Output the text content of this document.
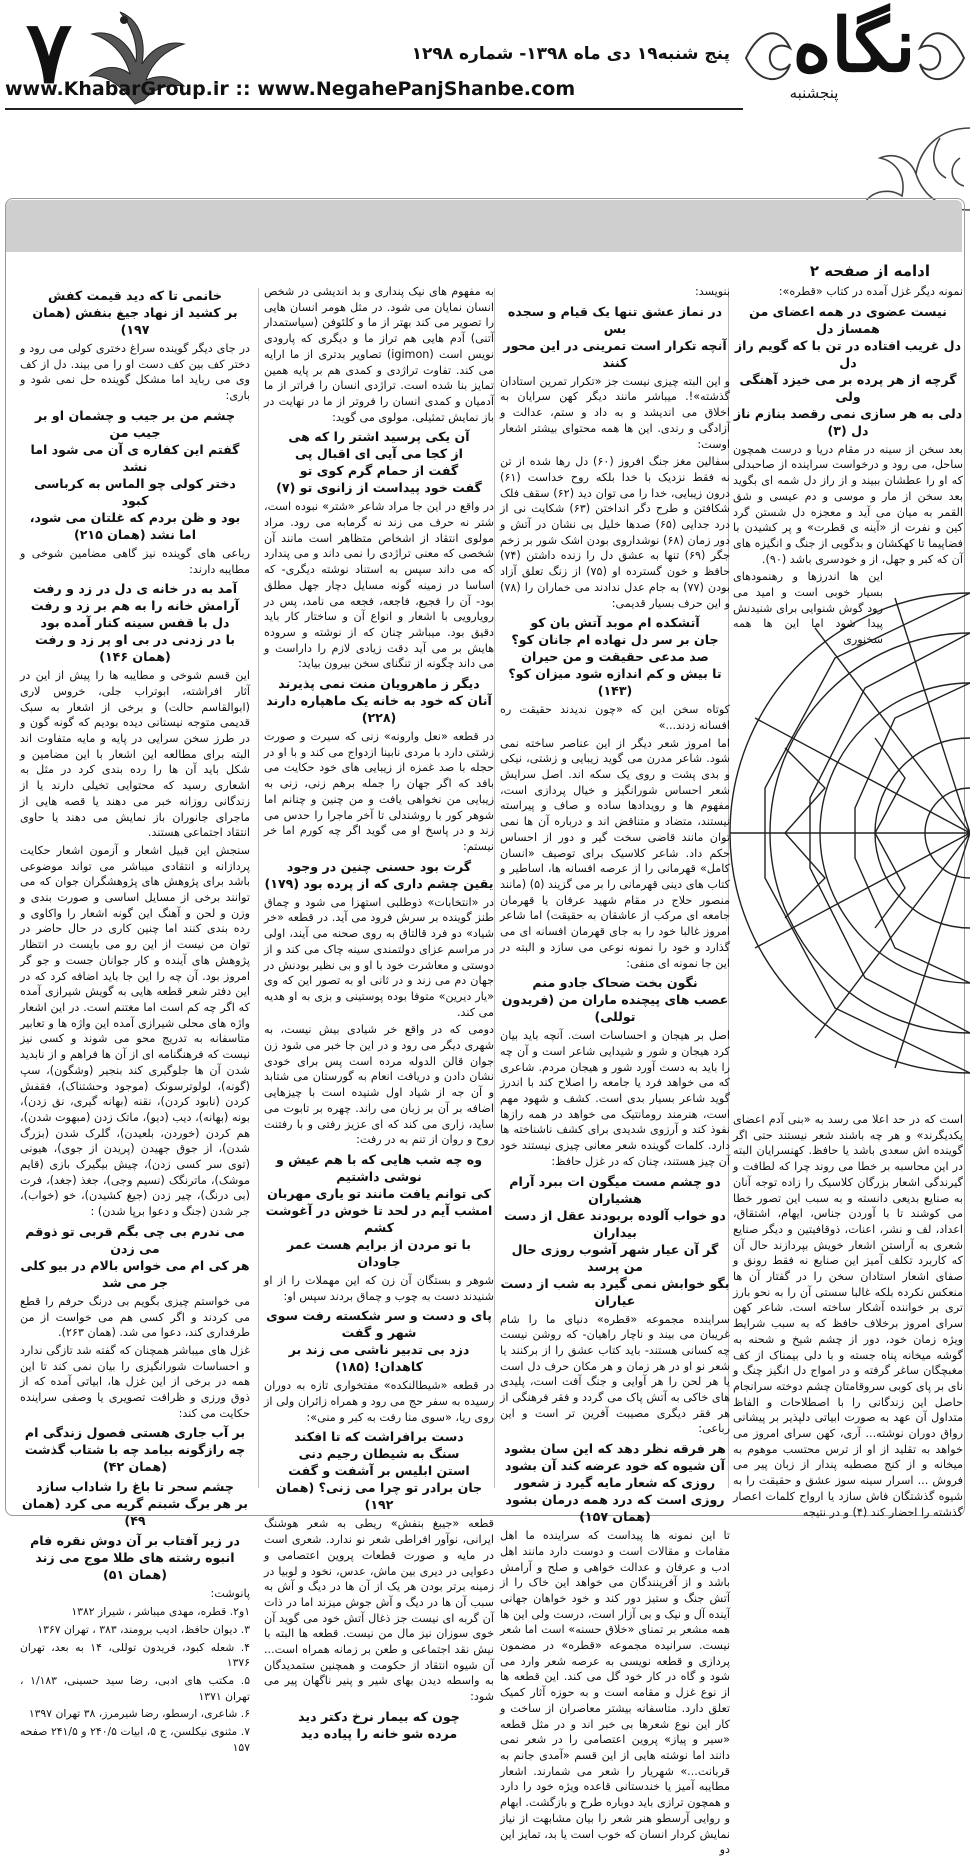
۷	پنج شنبه۱۹ دی ماه ۱۳۹۸- شماره ۱۲۹۸
www.KhabarGroup.ir :: www.NegahePanjShanbe.com	نگاه
پنجشنبه
ادامه از صفحه ۲

نمونه دیگر غزل آمده در کتاب «قطره»:

نیست عضوی در همه اعضای من همساز دل
دل غریب افتاده در تن با که گویم راز دل
گرچه از هر پرده بر می خیزد آهنگی ولی
دلی به هر سازی نمی رقصد بنازم ناز دل (۳)

بعد سخن از سینه در مقام دریا و درست همچون ساحل، می رود و درخواست سراینده از صاحبدلی که او را عطشان ببیند و از راز دل شمه ای بگوید بعد سخن از مار و موسی و دم عیسی و شق القمر به میان می آید و معجزه دل شستن گرد کین و نفرت از «آینه ی قطرت» و پر کشیدن با فضاپیما تا کهکشان و بدگویی از جنگ و انگیزه های آن که کبر و جهل، از و خودسری باشد (۹۰).

این ها اندرزها و رهنمودهای بسیار خوبی است و امید می رود گوش شنوایی برای شنیدنش پیدا شود اما این ها همه سخنوری

است که در حد اعلا می رسد به «بنی آدم اعضای یکدیگرند» و هر چه باشند شعر نیستند حتی اگر گوینده اش سعدی باشد یا حافظ. کهنسرایان البته در این محاسبه بر خطا می روند چرا که لطافت و گیرندگی اشعار بزرگان کلاسیک را زاده توجه آنان به صنایع بدیعی دانسته و به سبب این تصور خطا می کوشند تا با آوردن جناس، ایهام، اشتقاق، اعداد، لف و نشر، اعنات، ذوقافیتین و دیگر صنایع شعری به آراستن اشعار خویش بپردازند حال آن که کاربرد تکلف آمیز این صنایع نه فقط رونق و صفای اشعار استادان سخن را در گفتار آن ها منعکس نکرده بلکه غالبا سستی آن را به نحو بارز تری بر خواننده آشکار ساخته است. شاعر کهن سرای امروز برخلاف حافظ که به سبب شرایط ویژه زمان خود، دور از چشم شیخ و شحنه به گوشه میخانه پناه جسته و با دلی بیمناک از کف مغبچگان ساغر گرفته و در امواج دل انگیز چنگ و نای بر پای کوبی سروقامتان چشم دوخته سرانجام حاصل این زندگانی را با اصطلاحات و الفاظ متداول آن عهد به صورت ابیاتی دلپذیر بر پیشانی رواق دوران نوشته... آری، کهن سرای امروز می خواهد به تقلید از او از ترس محتسب موهوم به میخانه و از کنج مصطبه پندار از زبان پیر می فروش ... اسرار سینه سوز عشق و حقیقت را به شیوه گذشتگان فاش سازد یا ارواح کلمات اعصار گذشته را احضار کند (۴) و در نتیجه

بنویسد:

در نماز عشق تنها یک قیام و سجده بس
آنچه تکرار است تمرینی در این محور کنند

و این البته چیزی نیست جز «تکرار تمرین استادان گذشته»!. میباشر مانند دیگر کهن سرایان به اخلاق می اندیشد و به داد و ستم، عدالت و آزادگی و رندی. این ها همه محتوای بیشتر اشعار اوست:

سفالین مغز جنگ افروز (۶۰) دل رها شده از تن نه فقط نزدیک با خدا بلکه روح خداست (۶۱) درون زیبایی، خدا را می توان دید (۶۲) سقف فلک شکافتن و طرح دگر انداختن (۶۳) شکایت نی از درد جدایی (۶۵) صدها خلیل بی نشان در آتش و دور زمان (۶۸) نوشداروی بودن اشک شور بر زخم جگر (۶۹) تنها به عشق دل را زنده داشتن (۷۴) حافظ و خون گسترده او (۷۵) از زنگ تعلق آزاد بودن (۷۷) به جام عدل ندادند می خماران را (۷۸) و این حرف بسیار قدیمی:

آتشکده ام موبد آتش بان کو
جان بر سر دل نهاده ام جانان کو؟
صد مدعی حقیقت و من حیران
تا بیش و کم اندازه شود میزان کو؟ (۱۴۳)

کوتاه سخن این که «چون ندیدند حقیقت ره افسانه زدند...»

اما امروز شعر دیگر از این عناصر ساخته نمی شود. شاعر مدرن می گوید زیبایی و زشتی، نیکی و بدی پشت و روی یک سکه اند. اصل سرایش شعر احساس شورانگیز و خیال پردازی است، مفهوم ها و رویدادها ساده و صاف و پیراسته نیستند، متضاد و متناقض اند و درباره آن ها نمی توان مانند قاضی سخت گیر و دور از احساس حکم داد. شاعر کلاسیک برای توصیف «انسان کامل» قهرمانی را از عرصه افسانه ها، اساطیر و کتاب های دینی قهرمانی را بر می گزیند (۵) (مانند منصور حلاج در مقام شهید عرفان یا قهرمان جامعه ای مرکب از عاشقان به حقیقت) اما شاعر امروز غالبا خود را به جای قهرمان افسانه ای می گذارد و خود را نمونه نوعی می سازد و البته در این جا نمونه ای منفی:

نگون بخت ضحاک جادو منم
عصب های پیچنده ماران من (فریدون توللی)

اصل بر هیجان و احساسات است. آنچه باید بیان کرد هیجان و شور و شیدایی شاعر است و آن چه را باید به دست آورد شور و هیجان مردم. شاعری که می خواهد فرد یا جامعه را اصلاح کند با اندرز گوید شاعر بسیار بدی است. کشف و شهود مهم است، هنرمند رومانتیک می خواهد در همه رازها نفوذ کند و آرزوی شدیدی برای کشف ناشناخته ها دارد. کلمات گوینده شعر معانی چیزی نیستند خود آن چیز هستند، چنان که در غزل حافظ:

دو چشم مست میگون ات ببرد آرام هشیاران
دو خواب آلوده بربودند عقل از دست بیداران
گر آن عیار شهر آشوب روزی حال من پرسد
بگو خوابش نمی گیرد به شب از دست عیاران

سراینده مجموعه «قطره» دنیای ما را شام غریبان می بیند و ناچار راهیان- که روشن نیست چه کسانی هستند- باید کتاب عشق را از برکنند یا شعر نو او در هر زمان و هر مکان حرف دل است یا هر لحن را هر آوایی و جنگ آفت است، پلیدی های خاکی به آتش پاک می گردد و فقر فرهنگی از هر فقر دیگری مصیبت آفرین تر است و این رباعی:

هر فرقه نظر دهد که این سان بشود
آن شیوه که خود عرضه کند آن بشود
روزی که شعار مایه گیرد ز شعور
روزی است که درد همه درمان بشود (همان ۱۵۷)

تا این نمونه ها پیداست که سراینده ما اهل مقامات و مقالات است و دوست دارد مانند اهل ادب و عرفان و عدالت خواهی و صلح و آرامش باشد و از آفرینندگان می خواهد این خاک را از آتش جنگ و ستیز دور کند و خود خواهان جهانی آینده آل و نیک و بی آزار است، درست ولی این ها همه مشعر بر تمنای «خلاق حسنه» است اما شعر نیست. سرانیده مجموعه «قطره» در مضمون پردازی و قطعه نویسی به عرصه شعر وارد می شود و گاه در کار خود گل می کند. این قطعه ها از نوع غزل و مقامه است و به حوزه آثار کمیک تعلق دارد. متاسفانه بیشتر معاصران از ساخت و کار این نوع شعرها بی خبر اند و در مثل قطعه «سیر و پیاز» پروین اعتصامی را در شعر نمی دانند اما نوشته هایی از این قسم «آمدی جانم به قربانت...» شهریار را شعر می شمارند. اشعار مطایبه آمیز یا خندستانی قاعده ویژه خود را دارد و همچون ترازی باید دوباره طرح و بازگشت. ابهام و روایی آرسطو هنر شعر را بیان مشابهت از نیاز نمایش کردار انسان که خوب است یا بد، تمایز این دو

به مفهوم های نیک پنداری و بد اندیشی در شخص انسان نمایان می شود. در مثل هومر انسان هایی را تصویر می کند بهتر از ما و کلئوفن (سیاستمدار آتنی) آدم هایی هم تراز ما و دیگری که پارودی نویس است (igimon) تصاویر بدتری از ما ارایه می کند. تفاوت تراژدی و کمدی هم بر پایه همین تمایز بنا شده است. تراژدی انسان را فراتر از ما آدمیان و کمدی انسان را فروتر از ما در نهایت در باز نمایش تمثیلی. مولوی می گوید:

آن یکی پرسید اشتر را که هی
از کجا می آیی ای اقبال پی
گفت از حمام گرم کوی تو
گفت خود پیداست از زانوی تو (۷)

در واقع در این جا مراد شاعر «شتر» نبوده است، شتر نه حرف می زند نه گرمابه می رود. مراد مولوی انتقاد از اشخاص متظاهر است مانند آن شخصی که معنی تراژدی را نمی داند و می پندارد که می داند سپس به استناد نوشته دیگری- که اساسا در زمینه گونه مسایل دچار جهل مطلق بود- آن را فجیع، فاجعه، فجعه می نامد، پس در رویارویی با اشعار و انواع آن و ساختار کار باید دقیق بود. میباشر چنان که از نوشته و سروده هایش بر می آید دقت زیادی لازم را داراست و می داند چگونه از تنگنای سخن بیرون بیاید:

دیگر ز ماهرویان منت نمی پذیرند
آنان که خود به خانه یک ماهپاره دارند (۲۲۸)

در قطعه «نعل وارونه» زنی که سیرت و صورت زشتی دارد با مردی نابینا ازدواج می کند و با او در حجله با صد غمزه از زیبایی های خود حکایت می بافد که اگر جهان را جمله برهم زنی، زنی به زیبایی من نخواهی یافت و من چنین و چنانم اما شوهر کور با روشندلی تا آخر ماجرا را حدس می زند و در پاسخ او می گوید اگر چه کورم اما خر نیستم:

گرت بود حسنی چنین در وجود
یقین چشم داری که از پرده بود (۱۷۹)

در «انتخابات» ذوطلبی استهزا می شود و چماق طنز گوینده بر سرش فرود می آید. در قطعه «خر شیاد» دو فرد قالتاق به روی صحنه می آیند، اولی در مراسم عزای دولتمندی سینه چاک می کند و از دوستی و معاشرت خود با او و بی نظیر بودنش در جهان دم می زند و در ثانی او به تصور این که وی «یار دیرین» متوفا بوده پوستینی و بزی به او هدیه می کند.

دومی که در واقع خر شیادی بیش نیست، به شهری دیگر می رود و در این جا خبر می شود زن جوان قالن الدوله مرده است پس برای خودی نشان دادن و دریافت انعام به گورستان می شتابد و آن جه از شیاد اول شنیده است با چیزهایی اضافه بر آن بر زبان می راند. چهره بر تابوت می ساید، زاری می کند که ای عزیز رفتی و با رفتنت روح و روان از تنم به در رفت:

وه چه شب هایی که با هم عیش و نوشی داشتیم
کی توانم یافت مانند تو یاری مهربان
امشب آیم در لحد تا خوش در آغوشت کشم
با تو مردن از برایم هست عمر جاودان

شوهر و بستگان آن زن که این مهملات را از او شنیدند دست به چوب و چماق بردند سپس او:

پای و دست و سر شکسته رفت سوی شهر و گفت
دزد بی تدبیر ناشی می زند بر کاهدان! (۱۸۵)

در قطعه «شیطالنکده» مفتخواری تازه به دوران رسیده به سفر حج می رود و همراه زائران ولی از روی ریا، «سوی منا رفت به کبر و منی»:

دست برافراشت که تا افکند
سنگ به شیطان رجیم دنی
استن ابلیس بر آشفت و گفت
جان برادر تو چرا می زنی؟ (همان ۱۹۲)

قطعه «جیبغ بنفش» ریطی به شعر هوشنگ ایرانی، نوآور افراطی شعر نو ندارد. شعری است در مایه و صورت قطعات پروین اعتصامی و دعوایی در دیری بین ماش، عدس، نخود و لوبیا در زمینه برتر بودن هر یک از آن ها در دیگ و آش به سبب آن ها در دیگ و آش جوش میزند اما در ذات آن گربه ای نیست جز ذغال آتش خود می گوید آن خوی سوزان نیز مال من نیست. قطعه ها البته با نیش نقد اجتماعی و طعن بر زمانه همراه است... آن شیوه انتقاد از حکومت و همچنین ستمدیدگان به واسطه دیدن بهای شیر و پنیر ناگهان پیر می شود:

چون که بیمار نرخ دکتر دید
مرده شو خانه را پیاده دید
خانمی تا که دید قیمت کفش
بر کشید از نهاد جیغ بنفش (همان ۱۹۷)

در جای دیگر گوینده سراغ دختری کولی می رود و دختر کف بین کف دست او را می بیند. دل از کف وی می رباید اما مشکل گوینده حل نمی شود و باری:

چشم من بر جیب و چشمان او بر جیب من
گفتم این کفاره ی آن می شود اما نشد
دختر کولی چو الماس به کرباسی کبود
بود و ظن بردم که غلتان می شود، اما نشد (همان ۲۱۵)

رباعی های گوینده نیز گاهی مضامین شوخی و مطایبه دارند:

آمد به در خانه ی دل در زد و رفت
آرامش خانه را به هم بر زد و رفت
دل با قفس سینه کنار آمده بود
با در زدنی در بی او پر زد و رفت (همان ۱۴۶)

این قسم شوخی و مطایبه ها را پیش از این در آثار افراشته، ابوتراب جلی، خروس لاری (ابوالقاسم حالت) و برخی از اشعار به سبک قدیمی متوجه نیستانی دیده بودیم که گونه گون و در طرز سخن سرایی در پایه و مایه متفاوت اند البته برای مطالعه این اشعار با این مضامین و شکل باید آن ها را رده بندی کرد در مثل به اشعاری رسید که محتوایی تخیلی دارند یا از زندگانی روزانه خبر می دهند یا قصه هایی از ماجرای جانوران باز نمایش می دهند یا حاوی انتقاد اجتماعی هستند.

سنجش این قبیل اشعار و آزمون اشعار حکایت پردازانه و انتقادی میباشر می تواند موضوعی باشد برای پژوهش های پژوهشگران جوان که می توانند برخی از مسایل اساسی و صورت بندی و وزن و لحن و آهنگ این گونه اشعار را واکاوی و رده بندی کنند اما چنین کاری در حال حاضر در توان من نیست از این رو می بایست در انتظار پژوهش های آینده و کار جوانان جست و جو گر امروز بود. آن چه را این جا باید اضافه کرد که در این دفتر شعر قطعه هایی به گویش شیرازی آمده که اگر چه کم است اما مغتنم است. در این اشعار واژه های محلی شیرازی آمده این واژه ها و تعابیر متاسفانه به تدریج محو می شوند و کسی نیز نیست که فرهنگنامه ای از آن ها فراهم و از نابدید شدن آن ها جلوگیری کند بنجیر (وشگون)، سپ (گونه)، لولوترسونک (موجود وحشتناک)، فقفش کردن (نابود کردن)، نقنه (بهانه گیری، نق زدن)، بونه (بهانه)، دیب (دیو)، ماتک زدن (مبهوت شدن)، هم کردن (خوردن، بلعیدن)، گلرک شدن (بزرگ شدن)، از جوق جهیدن (پریدن از جوی)، هیونی (توی سر کسی زدن)، چیش بیگیرک بازی (قایم موشک)، ماترنگک (نسیم وجی)، جغذ (جغد)، فرت (بی درنگ)، چیر زدن (جیغ کشیدن)، خو (خواب)، جر شدن (جنگ و دعوا برپا شدن) :

می ندرم بی چی بگم قربی تو ذوقم می زدن
هر کی ام می خواس بالام در بیو کلی جر می شد

می خواستم چیزی بگویم بی درنگ حرفم را قطع می کردند و اگر کسی هم می خواست از من طرفداری کند، دعوا می شد. (همان ۲۶۳).

غزل های میباشر همچنان که گفته شد تازگی ندارد و احساسات شورانگیزی را بیان نمی کند تا این همه در برخی از این غزل ها، ابیاتی آمده که از ذوق ورزی و ظرافت تصویری یا وصفی سراینده حکایت می کند:

بر آب جاری هستی فصول زندگی ام
چه رازگونه بیامد چه با شتاب گذشت (همان ۴۲)
چشم سحر تا باغ را شاداب سازد
بر هر برگ شبنم گریه می کرد (همان ۴۹)
در زیر آفتاب بر آن دوش نقره فام
انبوه رشته های طلا موج می زند (همان ۵۱)

پانوشت:

۱و۲. قطره، مهدی میباشر ، شیراز ۱۳۸۲

۳. دیوان حافظ، ادیب برومند، ۳۸۳ ، تهران ۱۳۶۷

۴. شعله کبود، فریدون توللی، ۱۴ به بعد، تهران ۱۳۷۶

۵. مکتب های ادبی، رضا سید حسینی، ۱/۱۸۳ ، تهران ۱۳۷۱

۶. شاعری، ارسطو، رضا شیرمرز، ۳۸ تهران ۱۳۹۷

۷. مثنوی نیکلسن، ج ۵، ابیات ۲۴۰/۵ و ۲۴۱/۵ صفحه ۱۵۷
